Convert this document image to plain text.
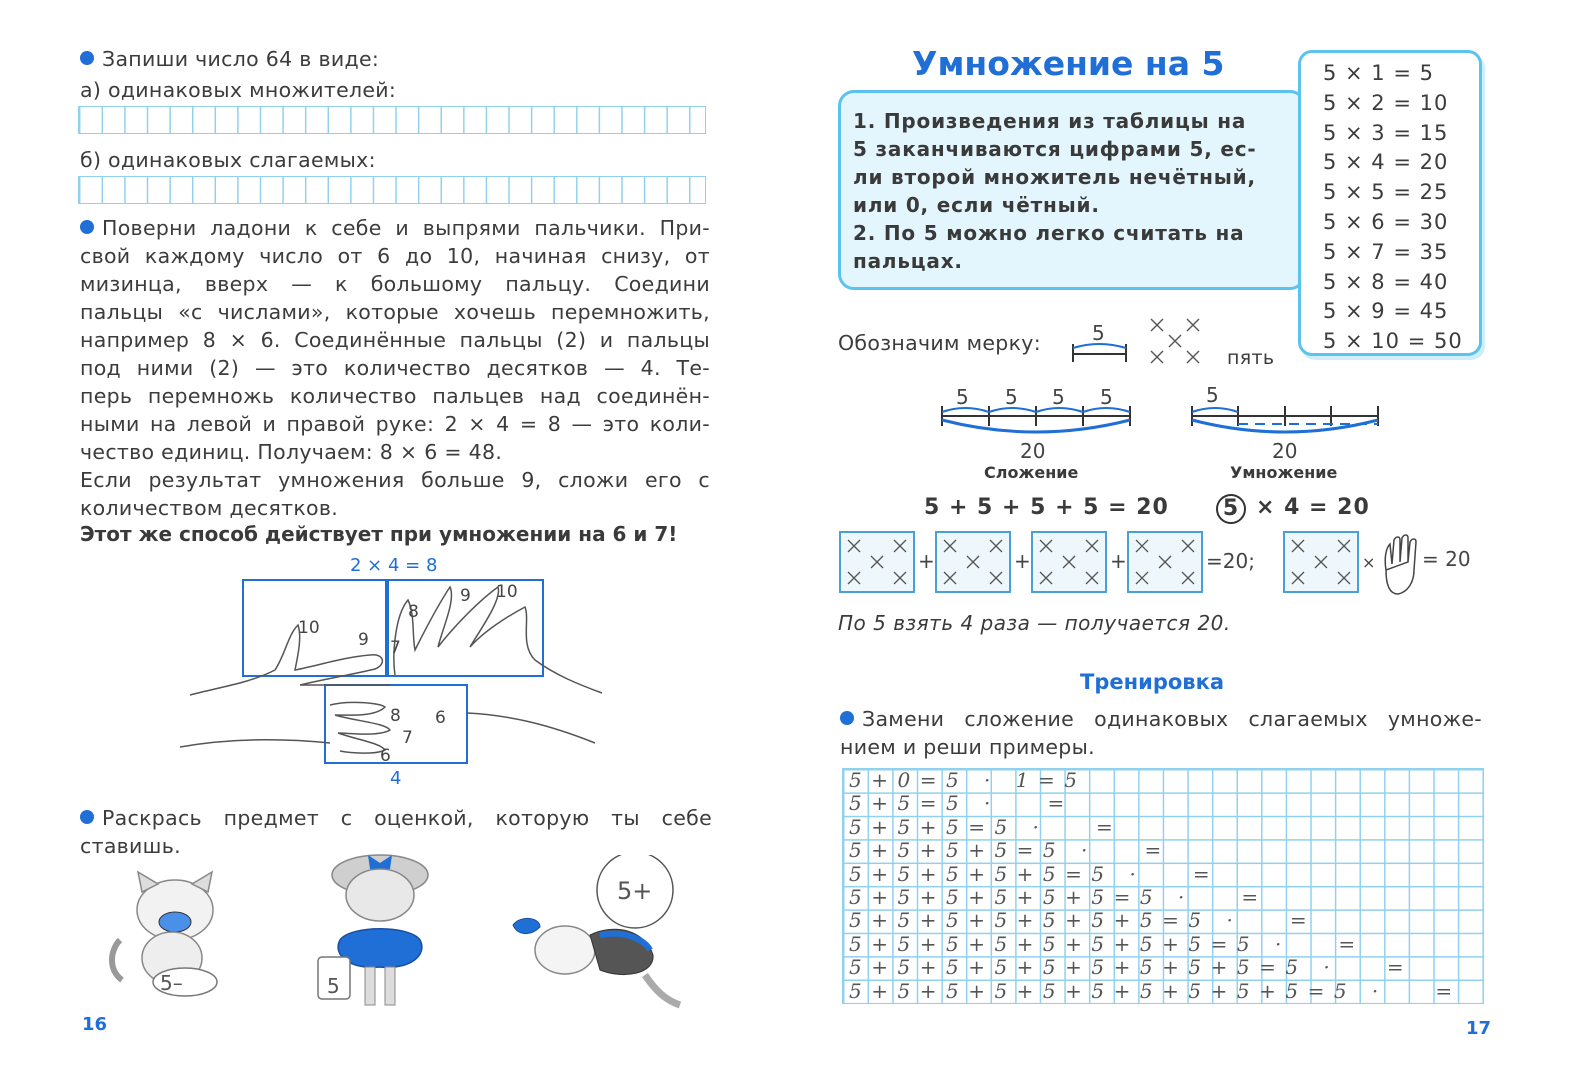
Запиши число 64 в виде:
а) одинаковых множителей:
б) одинаковых слагаемых:
Поверни ладони к себе и выпрями пальчики. При-
свой каждому число от 6 до 10, начиная снизу, от
мизинца, вверх — к большому пальцу. Соедини
пальцы «с числами», которые хочешь перемножить,
например 8 × 6. Соединённые пальцы (2) и пальцы
под ними (2) — это количество десятков — 4. Те-
перь перемножь количество пальцев над соединён-
ными на левой и правой руке: 2 × 4 = 8 — это коли-
чество единиц. Получаем: 8 × 6 = 48.
Если результат умножения больше 9, сложи его с
количеством десятков.
Этот же способ действует при умножении на 6 и 7!
2 × 4 = 8
10
9
8
9 10
7
8 6
7
6
4
Раскрась предмет с оценкой, которую ты себе
ставишь.
5–	5
5+
16
Умножение на 5
1. Произведения из таблицы на
5 заканчиваются цифрами 5, ес-
ли второй множитель нечётный,
или 0, если чётный.
2. По 5 можно легко считать на
пальцах.
5 × 1 = 5
5 × 2 = 10
5 × 3 = 15
5 × 4 = 20
5 × 5 = 25
5 × 6 = 30
5 × 7 = 35
5 × 8 = 40
5 × 9 = 45
5 × 10 = 50
Обозначим мерку:	5
пять
5 5 5 5
20
5
20
Сложение	Умножение
5 + 5 + 5 + 5 = 20	5 × 4 = 20
+	+	+	=20;	× = 20
По 5 взять 4 раза — получается 20.
Тренировка
Замени сложение одинаковых слагаемых умноже-
нием и реши примеры.
5+0=5 · 1=5
5+5=5 ·   =
5+5+5=5 ·   =
5+5+5+5=5 ·   =
5+5+5+5+5=5 ·   =
5+5+5+5+5+5=5 ·   =
5+5+5+5+5+5+5=5 ·   =
5+5+5+5+5+5+5+5=5 ·   =
5+5+5+5+5+5+5+5+5=5 ·   =
5+5+5+5+5+5+5+5+5+5=5 ·   =
17
